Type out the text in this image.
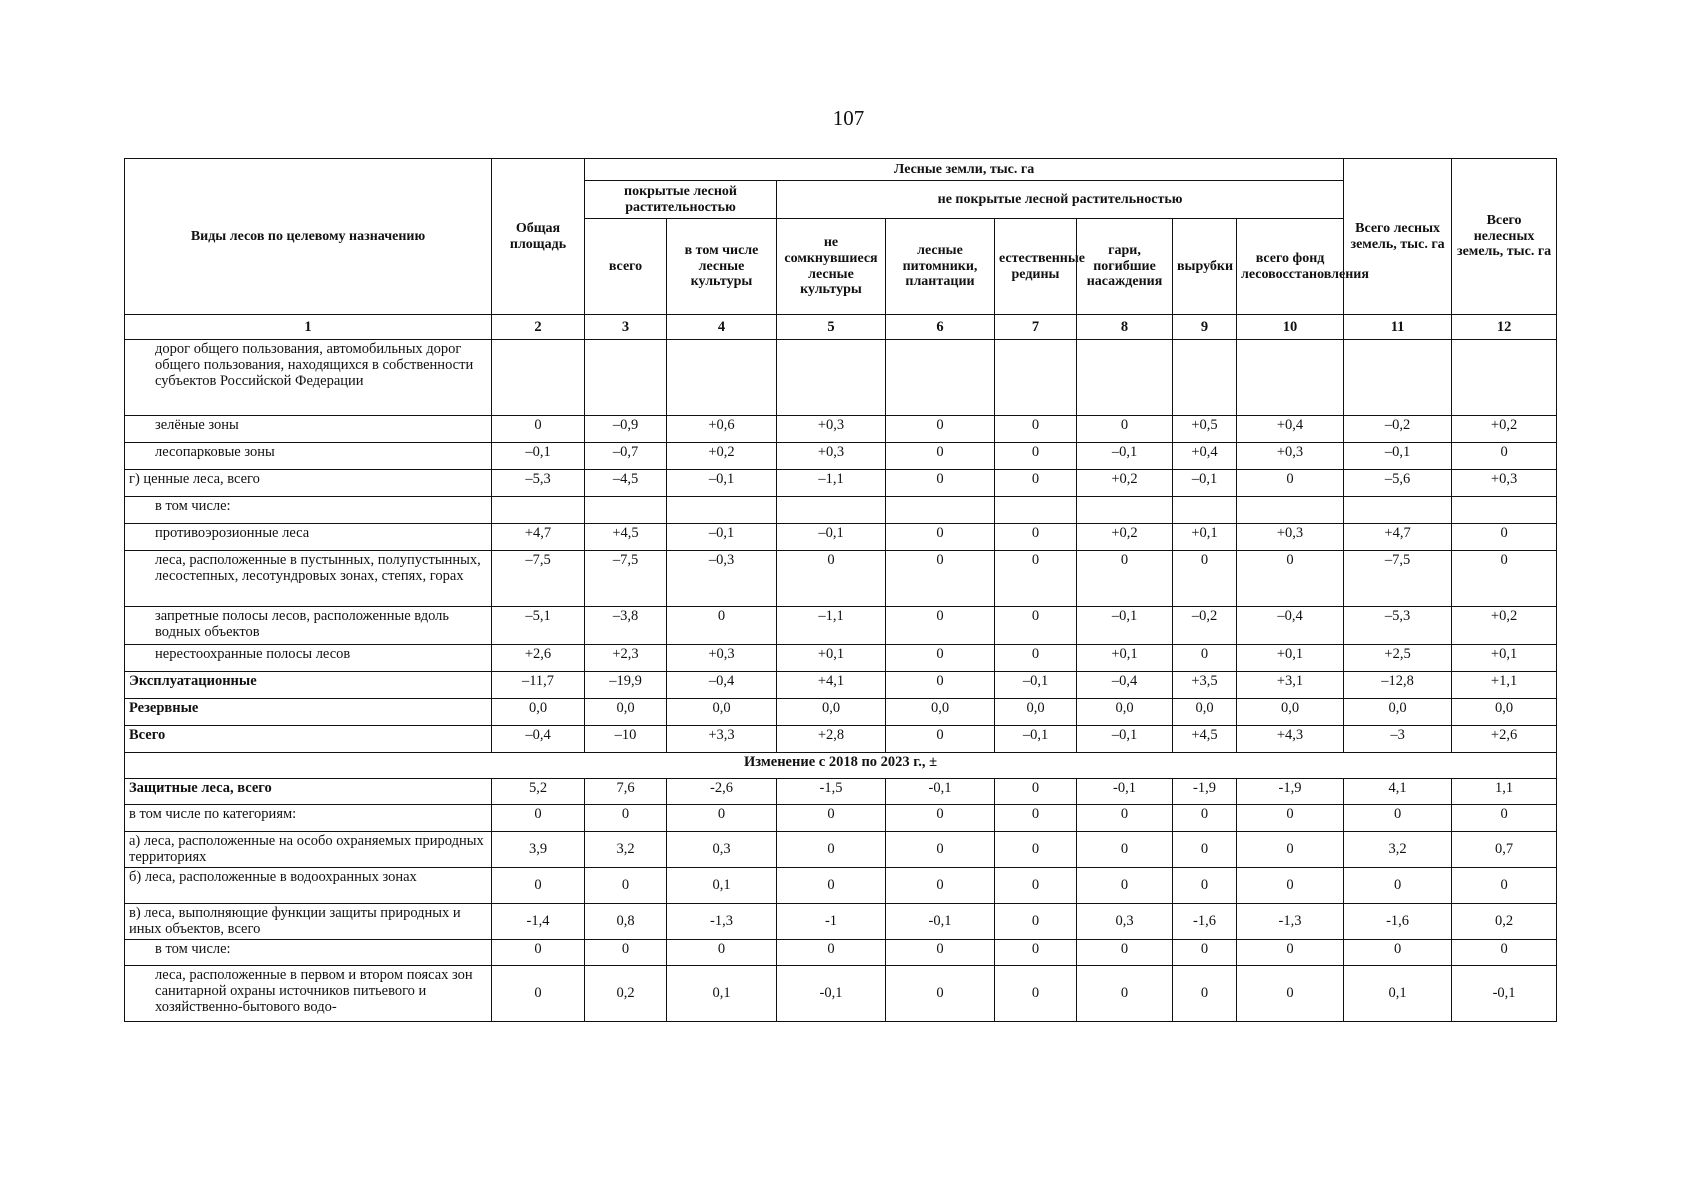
107
Виды лесов по целевому назначению	Общая площадь	Лесные земли, тыс. га								Всего лесных земель, тыс. га	Всего нелесных земель, тыс. га
		покрытые лесной растительностью		не покрытые лесной растительностью							
		всего	в том числе лесные культуры	не сомкнувшиеся лесные культуры	лесные питомники, плантации	естественные редины	гари, погибшие насаждения	вырубки	всего фонд лесовосстановления		
1	2	3	4	5	6	7	8	9	10	11	12
дорог общего пользования, автомобильных дорог общего пользования, находящихся в собственности субъектов Российской Федерации											
зелёные зоны	0	–0,9	+0,6	+0,3	0	0	0	+0,5	+0,4	–0,2	+0,2
лесопарковые зоны	–0,1	–0,7	+0,2	+0,3	0	0	–0,1	+0,4	+0,3	–0,1	0
г) ценные леса, всего	–5,3	–4,5	–0,1	–1,1	0	0	+0,2	–0,1	0	–5,6	+0,3
в том числе:											
противоэрозионные леса	+4,7	+4,5	–0,1	–0,1	0	0	+0,2	+0,1	+0,3	+4,7	0
леса, расположенные в пустынных, полупустынных, лесостепных, лесотундровых зонах, степях, горах	–7,5	–7,5	–0,3	0	0	0	0	0	0	–7,5	0
запретные полосы лесов, расположенные вдоль водных объектов	–5,1	–3,8	0	–1,1	0	0	–0,1	–0,2	–0,4	–5,3	+0,2
нерестоохранные полосы лесов	+2,6	+2,3	+0,3	+0,1	0	0	+0,1	0	+0,1	+2,5	+0,1
Эксплуатационные	–11,7	–19,9	–0,4	+4,1	0	–0,1	–0,4	+3,5	+3,1	–12,8	+1,1
Резервные	0,0	0,0	0,0	0,0	0,0	0,0	0,0	0,0	0,0	0,0	0,0
Всего	–0,4	–10	+3,3	+2,8	0	–0,1	–0,1	+4,5	+4,3	–3	+2,6
Изменение с 2018 по 2023 г., ±											
Защитные леса, всего	5,2	7,6	-2,6	-1,5	-0,1	0	-0,1	-1,9	-1,9	4,1	1,1
в том числе по категориям:	0	0	0	0	0	0	0	0	0	0	0
а) леса, расположенные на особо охраняемых природных территориях	3,9	3,2	0,3	0	0	0	0	0	0	3,2	0,7
б) леса, расположенные в водоохранных зонах	0	0	0,1	0	0	0	0	0	0	0	0
в) леса, выполняющие функции защиты природных и иных объектов, всего	-1,4	0,8	-1,3	-1	-0,1	0	0,3	-1,6	-1,3	-1,6	0,2
в том числе:	0	0	0	0	0	0	0	0	0	0	0
леса, расположенные в первом и втором поясах зон санитарной охраны источников питьевого и хозяйственно-бытового водо-	0	0,2	0,1	-0,1	0	0	0	0	0	0,1	-0,1
